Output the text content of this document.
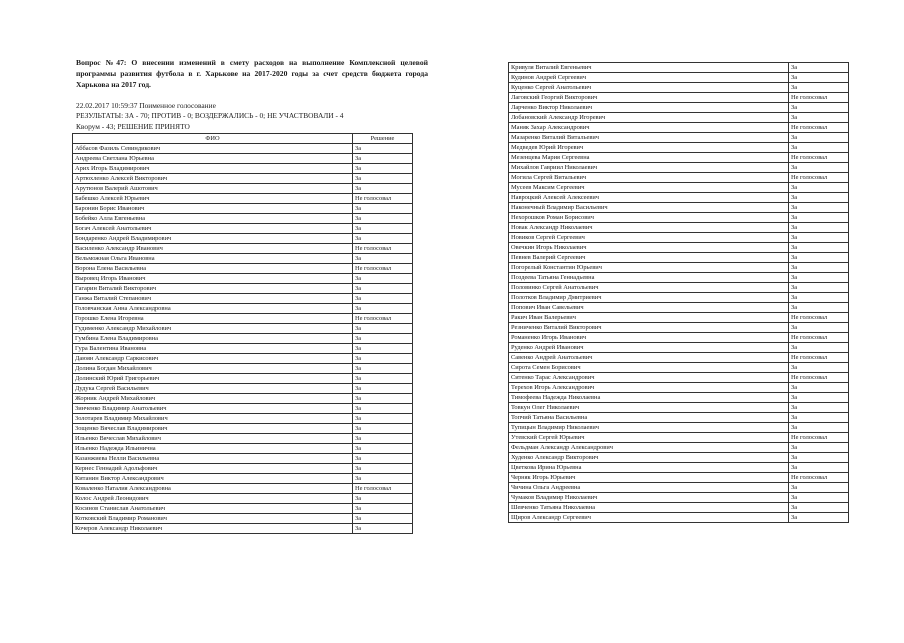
Вопрос №47: О внесении изменений в смету расходов на выполнение Комплексной целевой программы развития футбола в г. Харькове на 2017-2020 годы за счет средств бюджета города Харькова на 2017 год.
22.02.2017 10:59:37 Поименное голосование
РЕЗУЛЬТАТЫ: ЗА - 70; ПРОТИВ - 0; ВОЗДЕРЖАЛИСЬ - 0; НЕ УЧАСТВОВАЛИ - 4
Кворум - 43; РЕШЕНИЕ ПРИНЯТО
ФИО	Решение
Аббасов Фазиль Севиндикович	За
Андреева Светлана Юрьевна	За
Арих Игорь Владимирович	За
Артюхленко Алексей Викторович	За
Арутюнов Валерий Ашотович	За
Бабешко Алексей Юрьевич	Не голосовал
Баронин Борис Иванович	За
Бобейко Алла Евгеньевна	За
Богач Алексей Анатольевич	За
Бондаренко Андрей Владимирович	За
Василенко Александр Иванович	Не голосовал
Вельможная Ольга Ивановна	За
Ворона Елена Васильевна	Не голосовал
Выровец Игорь Иванович	За
Гагарин Виталий Викторович	За
Ганжа Виталий Степанович	За
Головчанская Анна Александровна	За
Горошко Елена Игоревна	Не голосовал
Гудименко Александр Михайлович	За
Гумбина Елена Владимировна	За
Гура Валентина Ивановна	За
Даюян Александр Саркисович	За
Долина Богдан Михайлович	За
Долинский Юрий Григорьевич	За
Дудука Сергей Васильевич	За
Жорник Андрей Михайлович	За
Зинченко Владимир Анатольевич	За
Золотарев Владимир Михайлович	За
Зощенко Вячеслав Владимирович	За
Ильенко Вячеслав Михайлович	За
Ильенко Надежда Ильинична	За
Казанжиева Нелли Васильевна	За
Кернес Геннадий Адольфович	За
Китанин Виктор Александрович	За
Коваленко Наталия Александровна	Не голосовал
Колос Андрей Леонидович	За
Косинов Станислав Анатольевич	За
Котковский Владимир Романович	За
Кочеров Александр Николаевич	За
Кривуля Виталий Евгеньевич	За
Кудинов Андрей Сергеевич	За
Куценко Сергей Анатольевич	За
Лаговский Георгий Викторович	Не голосовал
Ларченко Виктор Николаевич	За
Лобановский Александр Игоревич	За
Маняк Захар Александрович	Не голосовал
Мазаренко Виталий Витальевич	За
Медведев Юрий Игоревич	За
Мезенцева Мария Сергеевна	Не голосовал
Михайлов Гавриил Николаевич	За
Могила Сергей Витальевич	Не голосовал
Мусеев Максим Сергеевич	За
Навроцкий Алексей Алексеевич	За
Наконечный Владимир Васильевич	За
Нехорошков Роман Борисович	За
Новак Александр Николаевич	За
Новиков Сергей Сергеевич	За
Овечкин Игорь Николаевич	За
Певнев Валерий Сергеевич	За
Погорелый Константин Юрьевич	За
Поздеева Татьяна Геннадьевна	За
Половинко Сергей Анатольевич	За
Полотков Владимир Дмитриевич	За
Попович Иван Савельевич	За
Ракич Иван Валерьевич	Не голосовал
Резниченко Виталий Викторович	За
Романенко Игорь Иванович	Не голосовал
Руденко Андрей Иванович	За
Савенко Андрей Анатольевич	Не голосовал
Сирота Семен Борисович	За
Ситенко Тарас Александрович	Не голосовал
Терехов Игорь Александрович	За
Тимофеева Надежда Николаевна	За
Товкун Олег Николаевич	За
Топчий Татьяна Васильевна	За
Тупицын Владимир Николаевич	За
Утевский Сергей Юрьевич	Не голосовал
Фельдман Александр Александрович	За
Худенко Александр Викторович	За
Цветкова Ирина Юрьевна	За
Черняк Игорь Юрьевич	Не голосовал
Чичина Ольга Андреевна	За
Чумаков Владимир Николаевич	За
Шевченко Татьяна Николаевна	За
Щиров Александр Сергеевич	За
